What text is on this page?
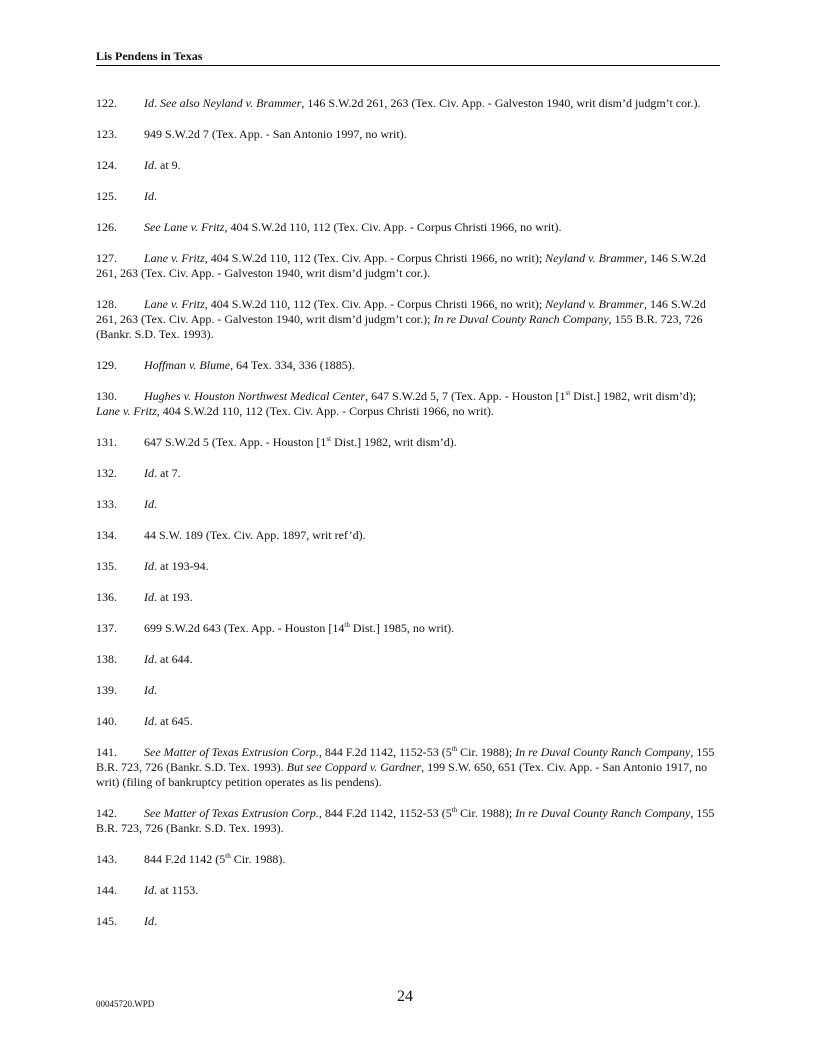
Lis Pendens in Texas

122. Id. See also Neyland v. Brammer, 146 S.W.2d 261, 263 (Tex. Civ. App. - Galveston 1940, writ dism’d judgm’t cor.).

123. 949 S.W.2d 7 (Tex. App. - San Antonio 1997, no writ).

124. Id. at 9.

125. Id.

126. See Lane v. Fritz, 404 S.W.2d 110, 112 (Tex. Civ. App. - Corpus Christi 1966, no writ).

127. Lane v. Fritz, 404 S.W.2d 110, 112 (Tex. Civ. App. - Corpus Christi 1966, no writ); Neyland v. Brammer, 146 S.W.2d 261, 263 (Tex. Civ. App. - Galveston 1940, writ dism’d judgm’t cor.).

128. Lane v. Fritz, 404 S.W.2d 110, 112 (Tex. Civ. App. - Corpus Christi 1966, no writ); Neyland v. Brammer, 146 S.W.2d 261, 263 (Tex. Civ. App. - Galveston 1940, writ dism’d judgm’t cor.); In re Duval County Ranch Company, 155 B.R. 723, 726 (Bankr. S.D. Tex. 1993).

129. Hoffman v. Blume, 64 Tex. 334, 336 (1885).

130. Hughes v. Houston Northwest Medical Center, 647 S.W.2d 5, 7 (Tex. App. - Houston [1st Dist.] 1982, writ dism’d); Lane v. Fritz, 404 S.W.2d 110, 112 (Tex. Civ. App. - Corpus Christi 1966, no writ).

131. 647 S.W.2d 5 (Tex. App. - Houston [1st Dist.] 1982, writ dism’d).

132. Id. at 7.

133. Id.

134. 44 S.W. 189 (Tex. Civ. App. 1897, writ ref’d).

135. Id. at 193-94.

136. Id. at 193.

137. 699 S.W.2d 643 (Tex. App. - Houston [14th Dist.] 1985, no writ).

138. Id. at 644.

139. Id.

140. Id. at 645.

141. See Matter of Texas Extrusion Corp., 844 F.2d 1142, 1152-53 (5th Cir. 1988); In re Duval County Ranch Company, 155 B.R. 723, 726 (Bankr. S.D. Tex. 1993). But see Coppard v. Gardner, 199 S.W. 650, 651 (Tex. Civ. App. - San Antonio 1917, no writ) (filing of bankruptcy petition operates as lis pendens).

142. See Matter of Texas Extrusion Corp., 844 F.2d 1142, 1152-53 (5th Cir. 1988); In re Duval County Ranch Company, 155 B.R. 723, 726 (Bankr. S.D. Tex. 1993).

143. 844 F.2d 1142 (5th Cir. 1988).

144. Id. at 1153.

145. Id.

00045720.WPD	24
